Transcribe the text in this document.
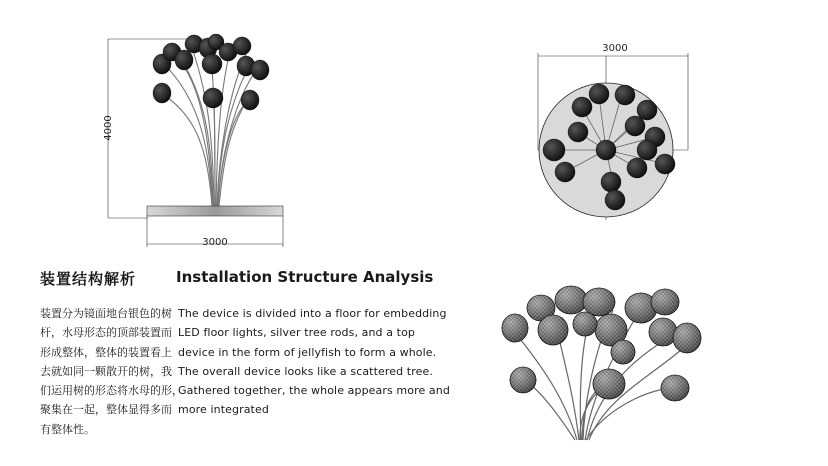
4000
3000
3000
装置结构解析	Installation Structure Analysis
装置分为镜面地台银色的树
杆，水母形态的顶部装置而
形成整体，整体的装置看上
去就如同一颗散开的树，我
们运用树的形态将水母的形，
聚集在一起，整体显得多而
有整体性。
The device is divided into a floor for embedding
LED floor lights, silver tree rods, and a top
device in the form of jellyfish to form a whole.
The overall device looks like a scattered tree.
Gathered together, the whole appears more and
more integrated
